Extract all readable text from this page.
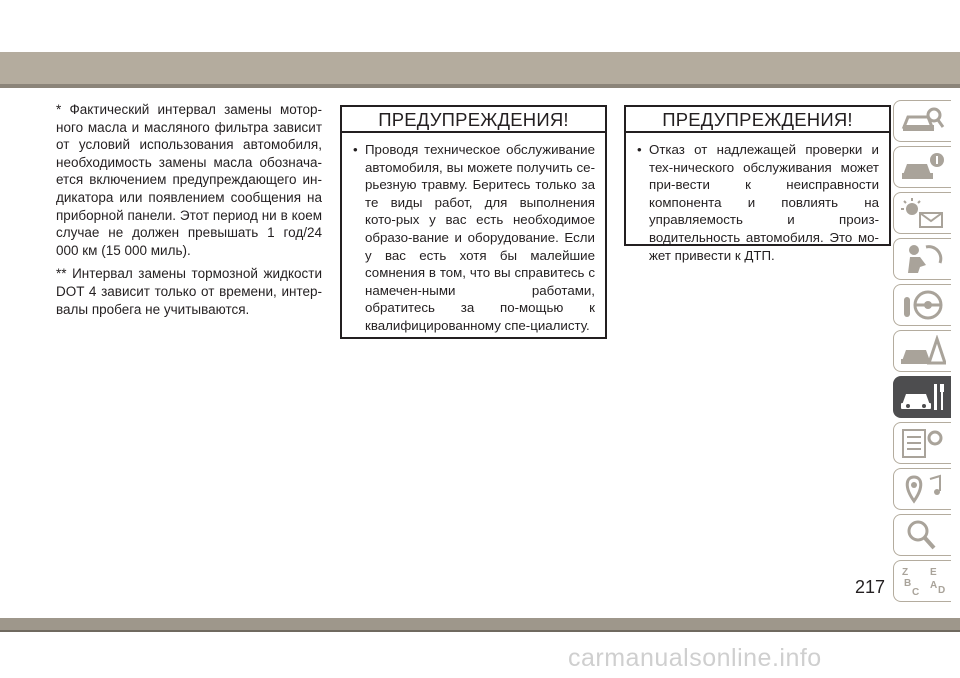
* Фактический интервал замены мотор-ного масла и масляного фильтра зависит от условий использования автомобиля, необходимость замены масла обознача-ется включением предупреждающего ин-дикатора или появлением сообщения на приборной панели. Этот период ни в коем случае не должен превышать 1 год/24 000 км (15 000 миль).

** Интервал замены тормозной жидкости DOT 4 зависит только от времени, интер-валы пробега не учитываются.

ПРЕДУПРЕЖДЕНИЯ!
• Проводя техническое обслуживание автомобиля, вы можете получить се-рьезную травму. Беритесь только за те виды работ, для выполнения кото-рых у вас есть необходимое образо-вание и оборудование. Если у вас есть хотя бы малейшие сомнения в том, что вы справитесь с намечен-ными работами, обратитесь за по-мощью к квалифицированному спе-циалисту.
ПРЕДУПРЕЖДЕНИЯ!
• Отказ от надлежащей проверки и тех-нического обслуживания может при-вести к неисправности компонента и повлиять на управляемость и произ-водительность автомобиля. Это мо-жет привести к ДТП.
Z E
B A
C D
217
carmanualsonline.info
